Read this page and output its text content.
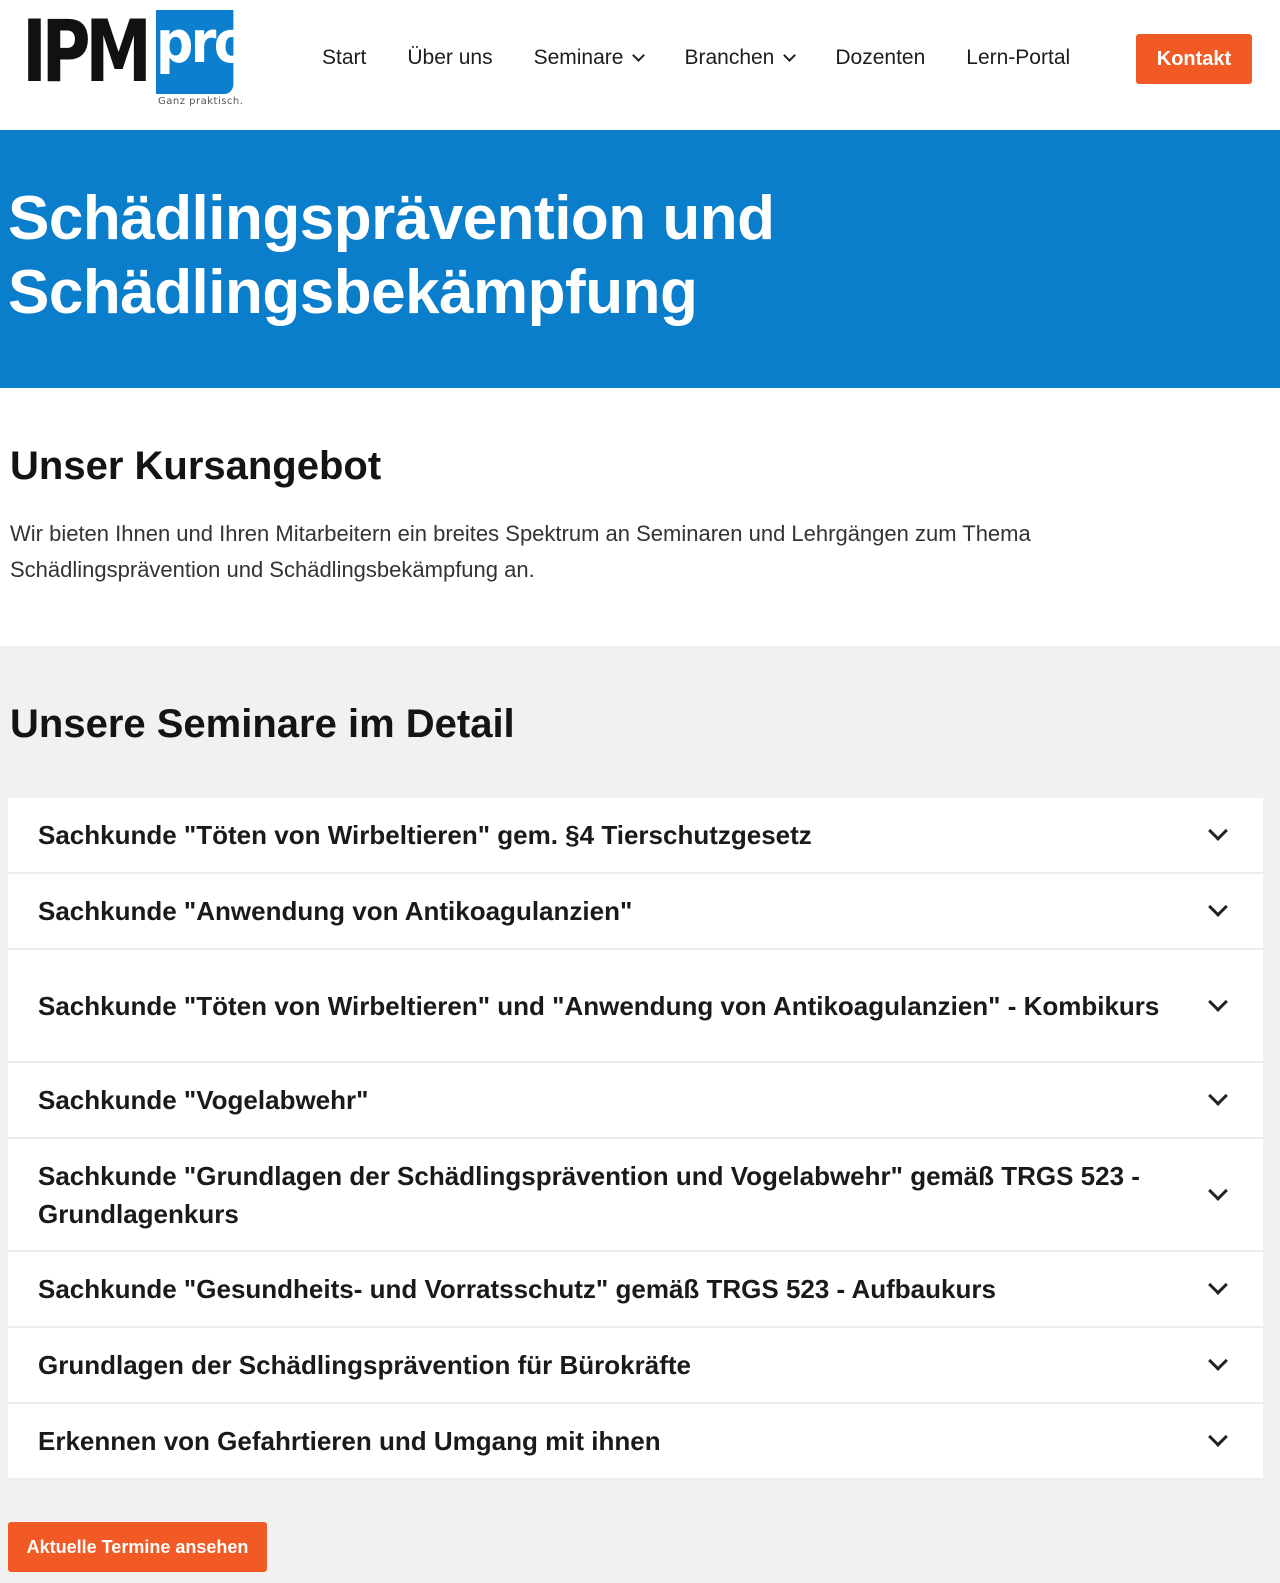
IPM pro
Ganz praktisch.
Start Über uns Seminare	Branchen	Dozenten Lern-Portal	Kontakt
Schädlingsprävention und
Schädlingsbekämpfung
Unser Kursangebot

Wir bieten Ihnen und Ihren Mitarbeitern ein breites Spektrum an Seminaren und Lehrgängen zum Thema Schädlingsprävention und Schädlingsbekämpfung an.

Unsere Seminare im Detail
Sachkunde "Töten von Wirbeltieren" gem. §4 Tierschutzgesetz
Sachkunde "Anwendung von Antikoagulanzien"
Sachkunde "Töten von Wirbeltieren" und "Anwendung von Antikoagulanzien" - Kombikurs
Sachkunde "Vogelabwehr"
Sachkunde "Grundlagen der Schädlingsprävention und Vogelabwehr" gemäß TRGS 523 - Grundlagenkurs
Sachkunde "Gesundheits- und Vorratsschutz" gemäß TRGS 523 - Aufbaukurs
Grundlagen der Schädlingsprävention für Bürokräfte
Erkennen von Gefahrtieren und Umgang mit ihnen
Aktuelle Termine ansehen
